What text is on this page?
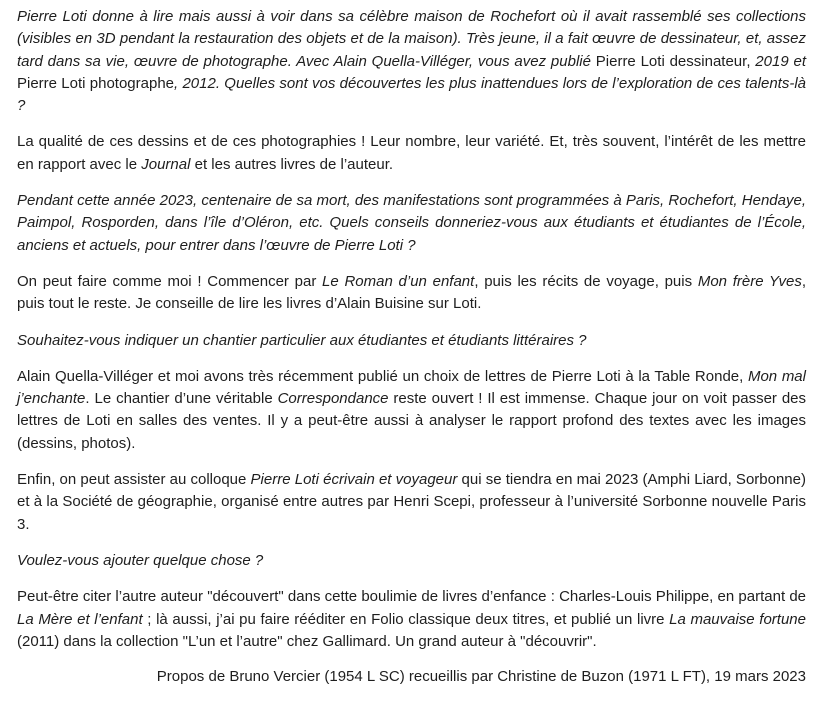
Pierre Loti donne à lire mais aussi à voir dans sa célèbre maison de Rochefort où il avait rassemblé ses collections (visibles en 3D pendant la restauration des objets et de la maison). Très jeune, il a fait œuvre de dessinateur, et, assez tard dans sa vie, œuvre de photographe. Avec Alain Quella-Villéger, vous avez publié Pierre Loti dessinateur, 2019 et Pierre Loti photographe, 2012. Quelles sont vos découvertes les plus inattendues lors de l’exploration de ces talents-là ?

La qualité de ces dessins et de ces photographies ! Leur nombre, leur variété. Et, très souvent, l’intérêt de les mettre en rapport avec le Journal et les autres livres de l’auteur.

Pendant cette année 2023, centenaire de sa mort, des manifestations sont programmées à Paris, Rochefort, Hendaye, Paimpol, Rosporden, dans l’île d’Oléron, etc. Quels conseils donneriez-vous aux étudiants et étudiantes de l’École, anciens et actuels, pour entrer dans l’œuvre de Pierre Loti ?

On peut faire comme moi ! Commencer par Le Roman d’un enfant, puis les récits de voyage, puis Mon frère Yves, puis tout le reste. Je conseille de lire les livres d’Alain Buisine sur Loti.

Souhaitez-vous indiquer un chantier particulier aux étudiantes et étudiants littéraires ?

Alain Quella-Villéger et moi avons très récemment publié un choix de lettres de Pierre Loti à la Table Ronde, Mon mal j’enchante. Le chantier d’une véritable Correspondance reste ouvert ! Il est immense. Chaque jour on voit passer des lettres de Loti en salles des ventes. Il y a peut-être aussi à analyser le rapport profond des textes avec les images (dessins, photos).

Enfin, on peut assister au colloque Pierre Loti écrivain et voyageur qui se tiendra en mai 2023 (Amphi Liard, Sorbonne) et à la Société de géographie, organisé entre autres par Henri Scepi, professeur à l’université Sorbonne nouvelle Paris 3.

Voulez-vous ajouter quelque chose ?

Peut-être citer l’autre auteur "découvert" dans cette boulimie de livres d’enfance : Charles-Louis Philippe, en partant de La Mère et l’enfant ; là aussi, j’ai pu faire rééditer en Folio classique deux titres, et publié un livre La mauvaise fortune (2011) dans la collection "L’un et l’autre" chez Gallimard. Un grand auteur à "découvrir".

Propos de Bruno Vercier (1954 L SC) recueillis par Christine de Buzon (1971 L FT), 19 mars 2023
